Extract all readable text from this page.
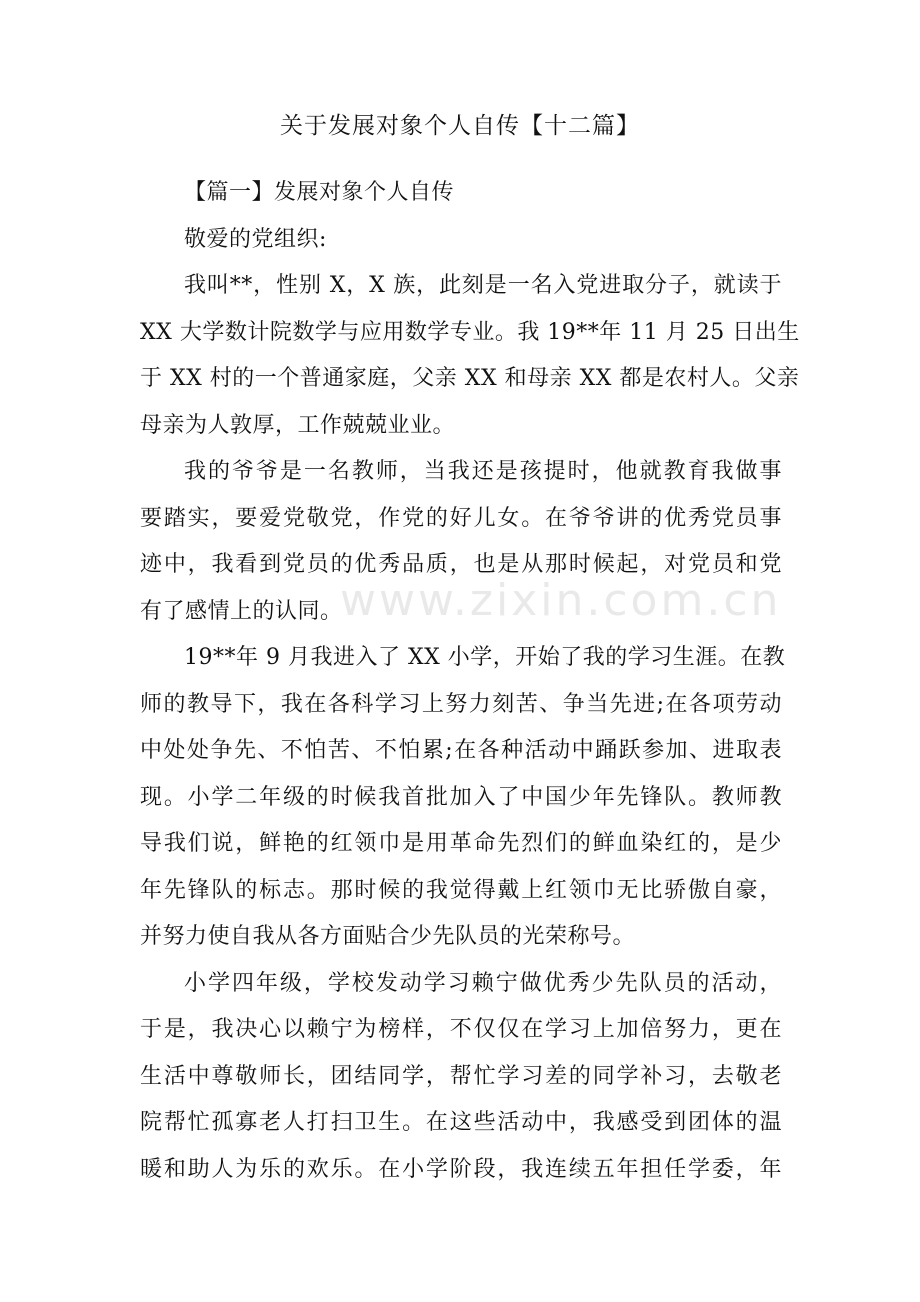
www.zixin.com.cn
关于发展对象个人自传【十二篇】
【篇一】发展对象个人自传
敬爱的党组织:
我叫**，性别 X，X 族，此刻是一名入党进取分子，就读于
XX 大学数计院数学与应用数学专业。我 19**年 11 月 25 日出生
于 XX 村的一个普通家庭，父亲 XX 和母亲 XX 都是农村人。父亲
母亲为人敦厚，工作兢兢业业。
我的爷爷是一名教师，当我还是孩提时，他就教育我做事
要踏实，要爱党敬党，作党的好儿女。在爷爷讲的优秀党员事
迹中，我看到党员的优秀品质，也是从那时候起，对党员和党
有了感情上的认同。
19**年 9 月我进入了 XX 小学，开始了我的学习生涯。在教
师的教导下，我在各科学习上努力刻苦、争当先进;在各项劳动
中处处争先、不怕苦、不怕累;在各种活动中踊跃参加、进取表
现。小学二年级的时候我首批加入了中国少年先锋队。教师教
导我们说，鲜艳的红领巾是用革命先烈们的鲜血染红的，是少
年先锋队的标志。那时候的我觉得戴上红领巾无比骄傲自豪，
并努力使自我从各方面贴合少先队员的光荣称号。
小学四年级，学校发动学习赖宁做优秀少先队员的活动，
于是，我决心以赖宁为榜样，不仅仅在学习上加倍努力，更在
生活中尊敬师长，团结同学，帮忙学习差的同学补习，去敬老
院帮忙孤寡老人打扫卫生。在这些活动中，我感受到团体的温
暖和助人为乐的欢乐。在小学阶段，我连续五年担任学委，年
